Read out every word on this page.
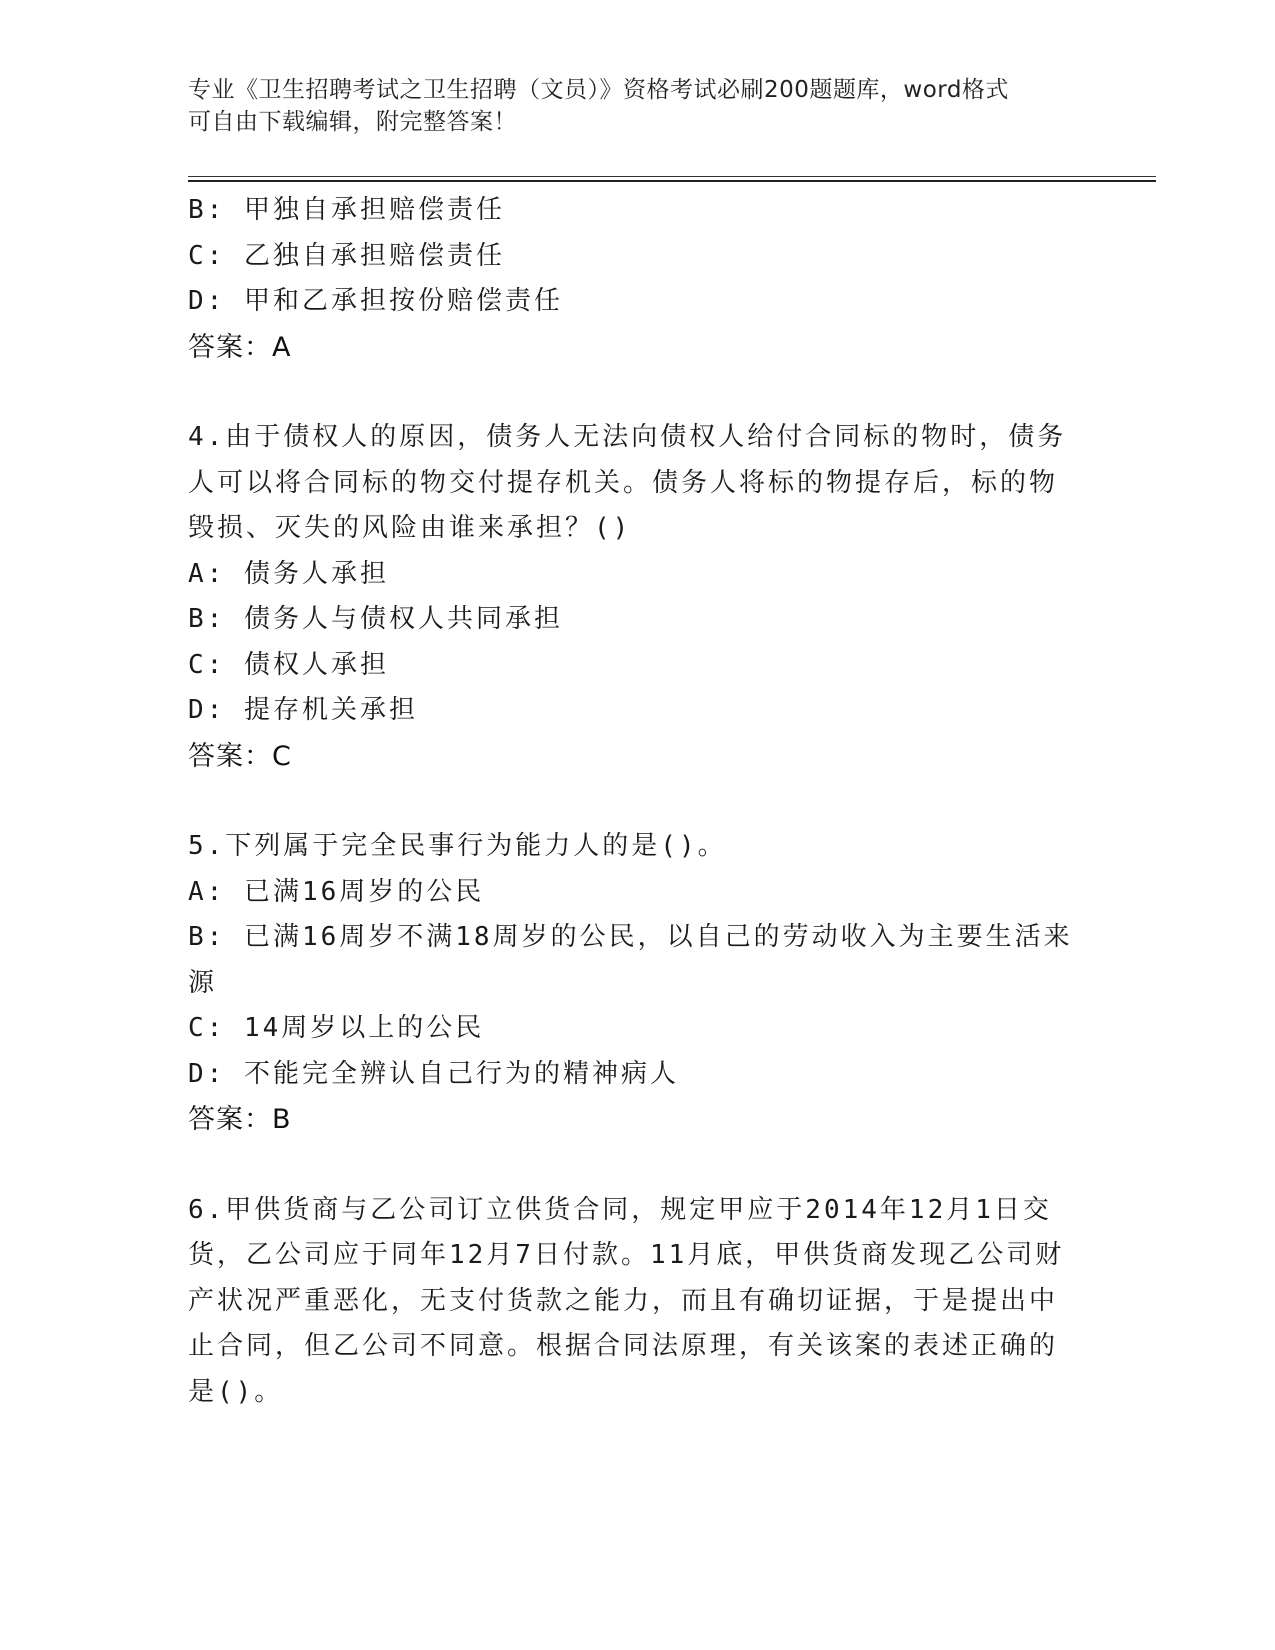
专业《卫生招聘考试之卫生招聘（文员）》资格考试必刷200题题库，word格式
可自由下载编辑，附完整答案！
B: 甲独自承担赔偿责任
C: 乙独自承担赔偿责任
D: 甲和乙承担按份赔偿责任
答案：A
4.由于债权人的原因，债务人无法向债权人给付合同标的物时，债务
人可以将合同标的物交付提存机关。债务人将标的物提存后，标的物
毁损、灭失的风险由谁来承担？()
A: 债务人承担
B: 债务人与债权人共同承担
C: 债权人承担
D: 提存机关承担
答案：C
5.下列属于完全民事行为能力人的是()。
A: 已满16周岁的公民
B: 已满16周岁不满18周岁的公民，以自己的劳动收入为主要生活来
源
C: 14周岁以上的公民
D: 不能完全辨认自己行为的精神病人
答案：B
6.甲供货商与乙公司订立供货合同，规定甲应于2014年12月1日交
货，乙公司应于同年12月7日付款。11月底，甲供货商发现乙公司财
产状况严重恶化，无支付货款之能力，而且有确切证据，于是提出中
止合同，但乙公司不同意。根据合同法原理，有关该案的表述正确的
是()。
